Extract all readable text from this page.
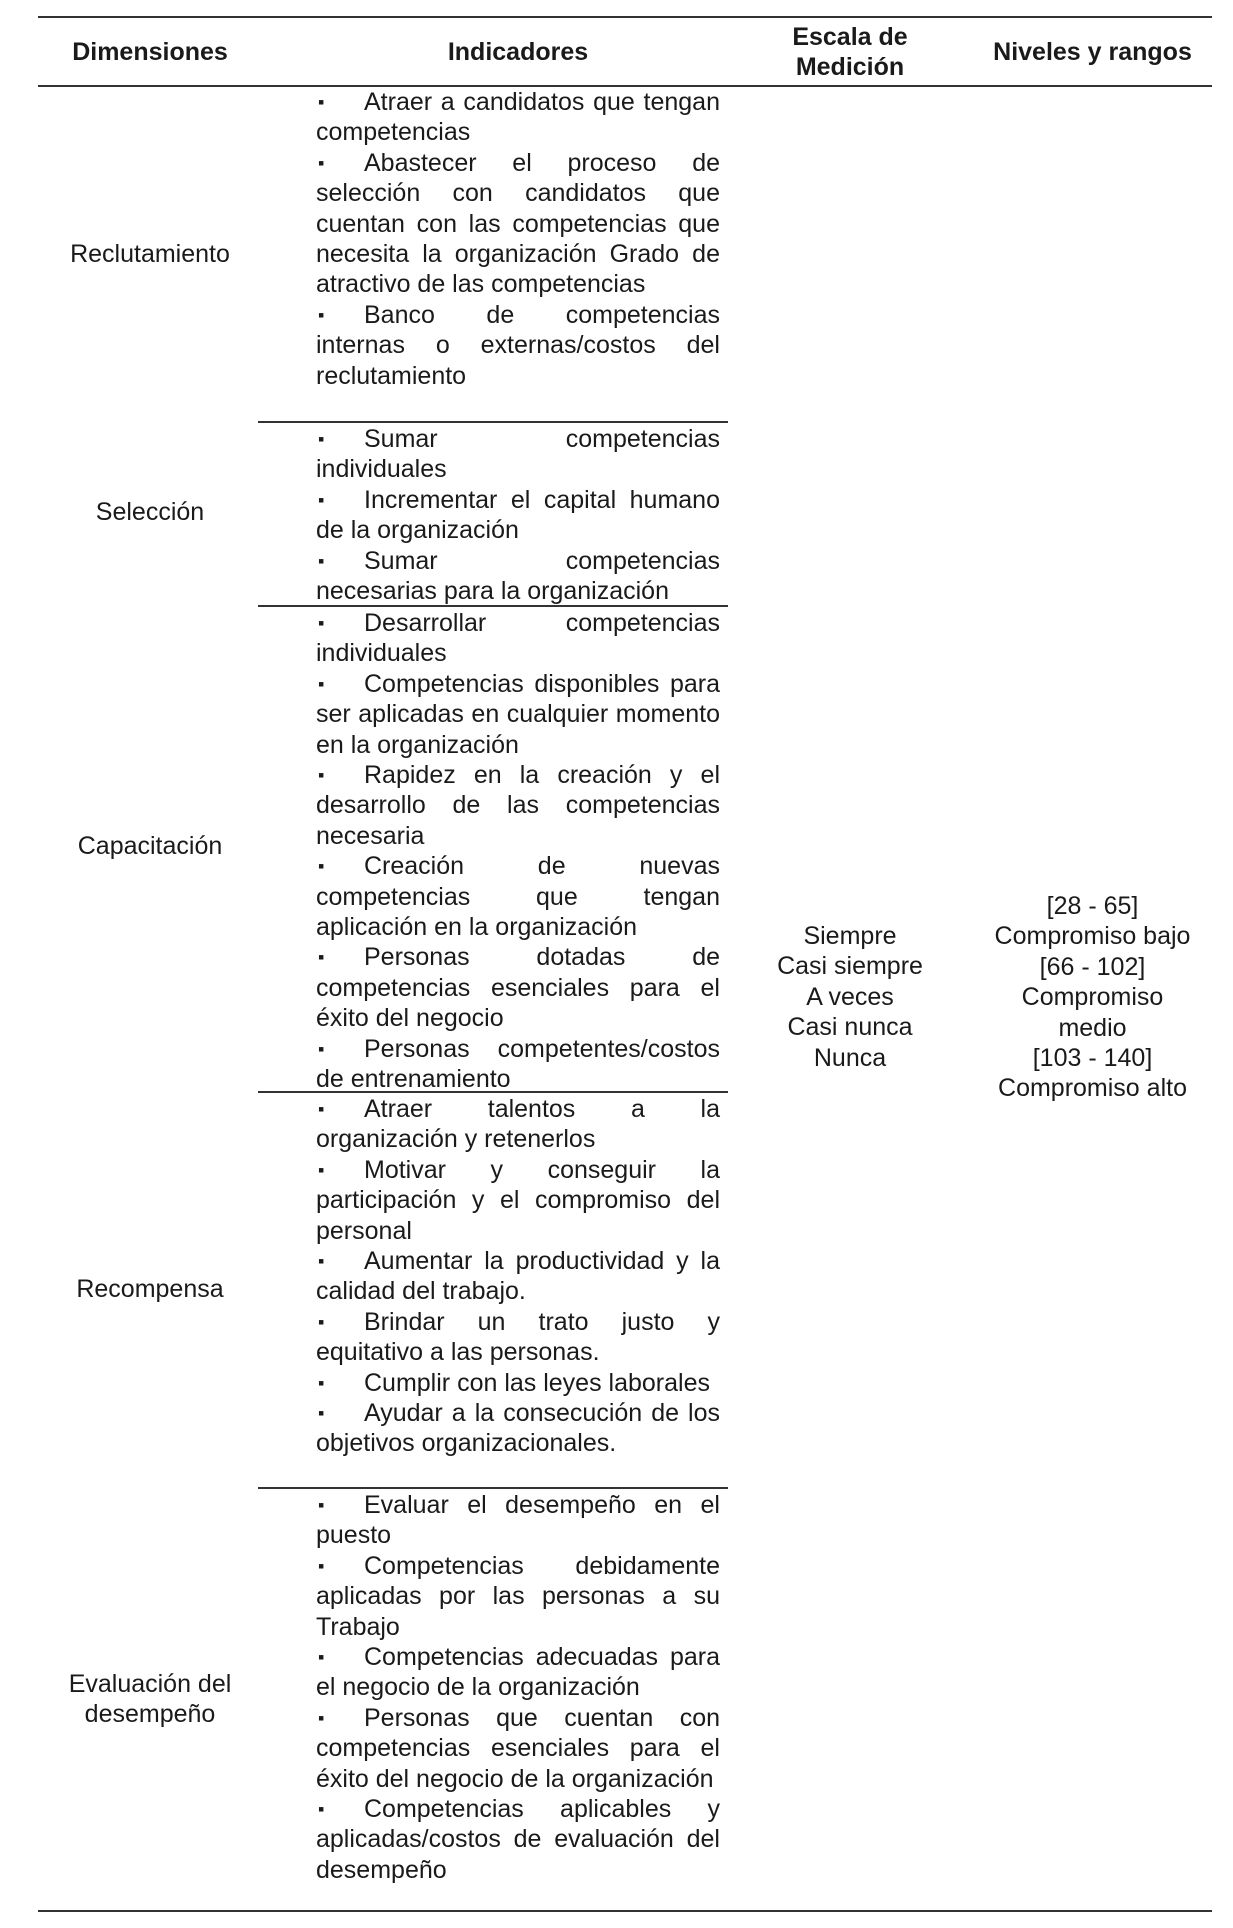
Dimensiones	Indicadores
Escala de
Medición
Niveles y rangos
Reclutamiento
▪ Atraer a candidatos que tengan competencias
▪ Abastecer el proceso de selección con candidatos que cuentan con las competencias que necesita la organización Grado de atractivo de las competencias
▪ Banco de competencias internas o externas/costos del reclutamiento
Selección
▪ Sumar competencias individuales
▪ Incrementar el capital humano de la organización
▪ Sumar competencias necesarias para la organización
Capacitación
▪ Desarrollar competencias individuales
▪ Competencias disponibles para ser aplicadas en cualquier momento en la organización
▪ Rapidez en la creación y el desarrollo de las competencias necesaria
▪ Creación de nuevas competencias que tengan aplicación en la organización
▪ Personas dotadas de competencias esenciales para el éxito del negocio
▪ Personas competentes/costos de entrenamiento
Recompensa
▪ Atraer talentos a la organización y retenerlos
▪ Motivar y conseguir la participación y el compromiso del personal
▪ Aumentar la productividad y la calidad del trabajo.
▪ Brindar un trato justo y equitativo a las personas.
▪ Cumplir con las leyes laborales
▪ Ayudar a la consecución de los objetivos organizacionales.
Evaluación del
desempeño
▪ Evaluar el desempeño en el puesto
▪ Competencias debidamente aplicadas por las personas a su Trabajo
▪ Competencias adecuadas para el negocio de la organización
▪ Personas que cuentan con competencias esenciales para el éxito del negocio de la organización
▪ Competencias aplicables y aplicadas/costos de evaluación del desempeño
Siempre
Casi siempre
A veces
Casi nunca
Nunca
[28 - 65]
Compromiso bajo
[66 - 102]
Compromiso
medio
[103 - 140]
Compromiso alto
